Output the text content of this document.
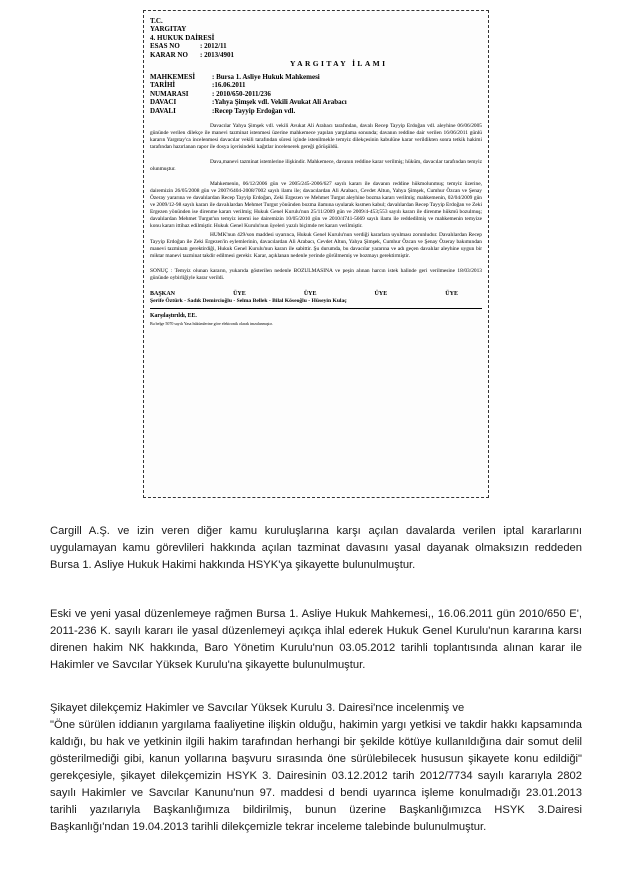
T.C.
YARGITAY
4. HUKUK DAİRESİ
ESAS NO	: 2012/11
KARAR NO	: 2013/4901
YARGITAY İLAMI
MAHKEMESİ	: Bursa 1. Asliye Hukuk Mahkemesi
TARİHİ	:16.06.2011
NUMARASI	: 2010/650-2011/236
DAVACI	:Yahya Şimşek vdl. Vekili Avukat Ali Arabacı
DAVALI	:Recep Tayyip Erdoğan vdl.

Davacılar Yahya Şimşek vdl. vekili Avukat Ali Arabacı tarafından, davalı Recep Tayyip Erdoğan vdl. aleyhine 06/06/2005 gününde verilen dilekçe ile manevi tazminat istenmesi üzerine mahkemece yapılan yargılama sonunda; davanın reddine dair verilen 16/06/2011 günlü kararın Yargıtay'ca incelenmesi davacılar vekili tarafından süresi içinde istenilmekle temyiz dilekçesinin kabulüne karar verildikten sonra tetkik hakimi tarafından hazırlanan rapor ile dosya içerisindeki kağıtlar incelenerek gereği görüşüldü.

Dava,manevi tazminat istemlerine ilişkindir. Mahkemece, davanın reddine karar verilmiş; hüküm, davacılar tarafından temyiz olunmuştur.

Mahkemenin, 06/12/2006 gün ve 2005/245-2006/627 sayılı kararı ile davanın reddine hükmolunmuş; temyiz üzerine, dairemizin 26/05/2008 gün ve 2007/6404-2008/7002 sayılı ilamı ile; davacılardan Ali Arabacı, Cevdet Altun, Yahya Şimşek, Cumhur Özcan ve Şenay Özeray yararına ve davalılardan Recep Tayyip Erdoğan, Zeki Ergezen ve Mehmet Turgut aleyhine bozma kararı verilmiş; mahkemenin, 02/04/2009 gün ve 2009/12-98 sayılı kararı ile davalılardan Mehmet Turgut yönünden bozma ilamına uyularak kısmen kabul; davalılardan Recep Tayyip Erdoğan ve Zeki Ergezen yönünden ise direnme kararı verilmiş; Hukuk Genel Kurulu'nun 25/11/2009 gün ve 2009/4-453;553 sayılı kararı ile direnme hükmü bozulmuş; davalılardan Mehmet Turgut'un temyiz istemi ise dairemizin 10/05/2010 gün ve 2010/4741-5669 sayılı ilamı ile reddedilmiş ve mahkemenin temyize konu kararı ittihaz edilmiştir. Hukuk Genel Kurulu'nun üyeleri yazılı biçimde ret kararı verilmiştir.

HUMK'nun 429/son maddesi uyarınca, Hukuk Genel Kurulu'nun verdiği kararlara uyulması zorunludur. Davalılardan Recep Tayyip Erdoğan ile Zeki Ergezen'in eylemlerinin, davacılardan Ali Arabacı, Cevdet Altun, Yahya Şimşek, Cumhur Özcan ve Şenay Özeray bakımından manevi tazminatı gerektirdiği, Hukuk Genel Kurulu'nun kararı ile sabittir. Şu durumda, bu davacılar yararına ve adı geçen davalılar aleyhine uygun bir miktar manevi tazminat takdir edilmesi gerekir. Karar, açıklanan nedenle yerinde görülmemiş ve bozmayı gerektirmiştir.

SONUÇ : Temyiz olunan kararın, yukarıda gösterilen nedenle BOZULMASINA ve peşin alınan harcın istek halinde geri verilmesine 18/03/2013 gününde oybirliğiyle karar verildi.

BAŞKAN	ÜYE	ÜYE	ÜYE	ÜYE
Şerife Öztürk - Sadık Demircioğlu - Selma Bellek - Bilal Köseoğlu - Hüseyin Kulaç
Karşılaştırıldı, EE.
Bu belge 5070 sayılı Yasa hükümlerine göre elektronik olarak imzalanmıştır.
Cargill A.Ş. ve izin veren diğer kamu kuruluşlarına karşı açılan davalarda verilen iptal kararlarını uygulamayan kamu görevlileri hakkında açılan tazminat davasını yasal dayanak olmaksızın reddeden Bursa 1. Asliye Hukuk Hakimi hakkında HSYK'ya şikayette bulunulmuştur.
Eski ve yeni yasal düzenlemeye rağmen Bursa 1. Asliye Hukuk Mahkemesi,, 16.06.2011 gün 2010/650 E', 2011-236 K. sayılı kararı ile yasal düzenlemeyi açıkça ihlal ederek Hukuk Genel Kurulu'nun kararına karsı direnen hakim NK hakkında, Baro Yönetim Kurulu'nun 03.05.2012 tarihli toplantısında alınan karar ile Hakimler ve Savcılar Yüksek Kurulu'na şikayette bulunulmuştur.
Şikayet dilekçemiz Hakimler ve Savcılar Yüksek Kurulu 3. Dairesi'nce incelenmiş ve
"Öne sürülen iddianın yargılama faaliyetine ilişkin olduğu, hakimin yargı yetkisi ve takdir hakkı kapsamında kaldığı, bu hak ve yetkinin ilgili hakim tarafından herhangi bir şekilde kötüye kullanıldığına dair somut delil gösterilmediği gibi, kanun yollarına başvuru sırasında öne sürülebilecek hususun şikayete konu edildiği" gerekçesiyle, şikayet dilekçemizin HSYK 3. Dairesinin 03.12.2012 tarih 2012/7734 sayılı kararıyla 2802 sayılı Hakimler ve Savcılar Kanunu'nun 97. maddesi d bendi uyarınca işleme konulmadığı 23.01.2013 tarihli yazılarıyla Başkanlığımıza bildirilmiş, bunun üzerine Başkanlığımızca HSYK 3.Dairesi Başkanlığı'ndan 19.04.2013 tarihli dilekçemizle tekrar inceleme talebinde bulunulmuştur.
